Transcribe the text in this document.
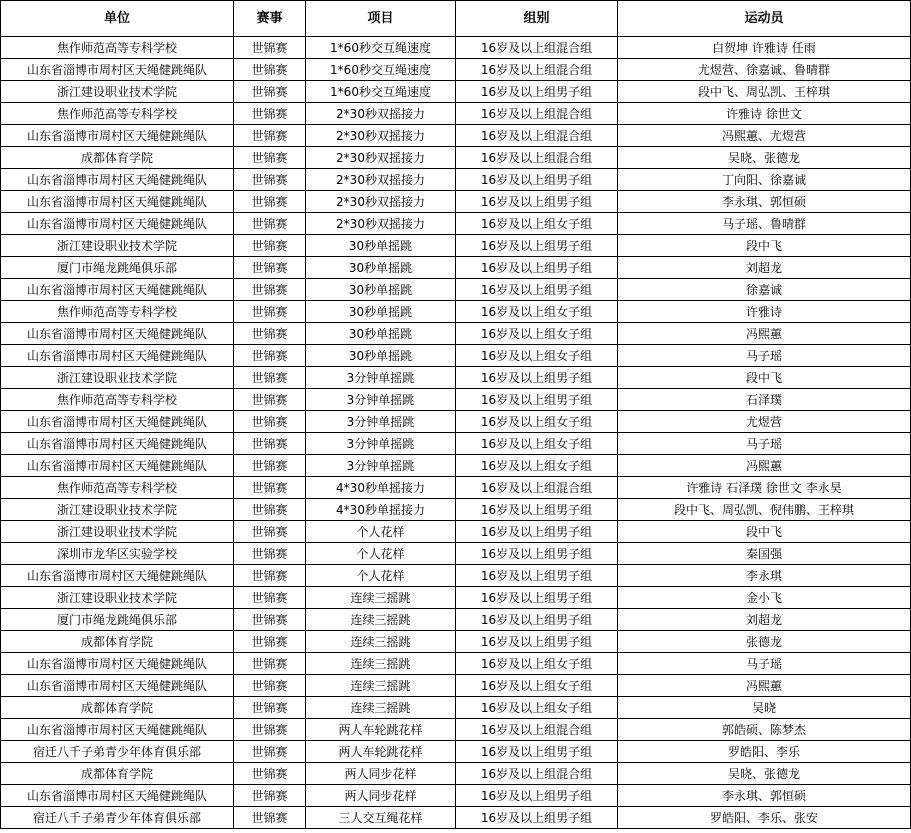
单位	赛事	项目	组别	运动员
焦作师范高等专科学校	世锦赛	1*60秒交互绳速度	16岁及以上组混合组	白贺坤 许雅诗 任雨
山东省淄博市周村区天绳健跳绳队	世锦赛	1*60秒交互绳速度	16岁及以上组混合组	尤煜营、徐嘉诚、鲁晴群
浙江建设职业技术学院	世锦赛	1*60秒交互绳速度	16岁及以上组男子组	段中飞、周弘凯、王梓琪
焦作师范高等专科学校	世锦赛	2*30秒双摇接力	16岁及以上组混合组	许雅诗 徐世文
山东省淄博市周村区天绳健跳绳队	世锦赛	2*30秒双摇接力	16岁及以上组混合组	冯熙蕙、尤煜营
成都体育学院	世锦赛	2*30秒双摇接力	16岁及以上组混合组	吴晓、张德龙
山东省淄博市周村区天绳健跳绳队	世锦赛	2*30秒双摇接力	16岁及以上组男子组	丁向阳、徐嘉诚
山东省淄博市周村区天绳健跳绳队	世锦赛	2*30秒双摇接力	16岁及以上组男子组	李永琪、郭恒硕
山东省淄博市周村区天绳健跳绳队	世锦赛	2*30秒双摇接力	16岁及以上组女子组	马子瑶、鲁晴群
浙江建设职业技术学院	世锦赛	30秒单摇跳	16岁及以上组男子组	段中飞
厦门市绳龙跳绳俱乐部	世锦赛	30秒单摇跳	16岁及以上组男子组	刘超龙
山东省淄博市周村区天绳健跳绳队	世锦赛	30秒单摇跳	16岁及以上组男子组	徐嘉诚
焦作师范高等专科学校	世锦赛	30秒单摇跳	16岁及以上组女子组	许雅诗
山东省淄博市周村区天绳健跳绳队	世锦赛	30秒单摇跳	16岁及以上组女子组	冯熙蕙
山东省淄博市周村区天绳健跳绳队	世锦赛	30秒单摇跳	16岁及以上组女子组	马子瑶
浙江建设职业技术学院	世锦赛	3分钟单摇跳	16岁及以上组男子组	段中飞
焦作师范高等专科学校	世锦赛	3分钟单摇跳	16岁及以上组男子组	石泽璞
山东省淄博市周村区天绳健跳绳队	世锦赛	3分钟单摇跳	16岁及以上组女子组	尤煜营
山东省淄博市周村区天绳健跳绳队	世锦赛	3分钟单摇跳	16岁及以上组女子组	马子瑶
山东省淄博市周村区天绳健跳绳队	世锦赛	3分钟单摇跳	16岁及以上组女子组	冯熙蕙
焦作师范高等专科学校	世锦赛	4*30秒单摇接力	16岁及以上组混合组	许雅诗 石泽璞 徐世文 李永昊
浙江建设职业技术学院	世锦赛	4*30秒单摇接力	16岁及以上组男子组	段中飞、周弘凯、倪伟鹏、王梓琪
浙江建设职业技术学院	世锦赛	个人花样	16岁及以上组男子组	段中飞
深圳市龙华区实验学校	世锦赛	个人花样	16岁及以上组男子组	秦国强
山东省淄博市周村区天绳健跳绳队	世锦赛	个人花样	16岁及以上组男子组	李永琪
浙江建设职业技术学院	世锦赛	连续三摇跳	16岁及以上组男子组	金小飞
厦门市绳龙跳绳俱乐部	世锦赛	连续三摇跳	16岁及以上组男子组	刘超龙
成都体育学院	世锦赛	连续三摇跳	16岁及以上组男子组	张德龙
山东省淄博市周村区天绳健跳绳队	世锦赛	连续三摇跳	16岁及以上组女子组	马子瑶
山东省淄博市周村区天绳健跳绳队	世锦赛	连续三摇跳	16岁及以上组女子组	冯熙蕙
成都体育学院	世锦赛	连续三摇跳	16岁及以上组女子组	吴晓
山东省淄博市周村区天绳健跳绳队	世锦赛	两人车轮跳花样	16岁及以上组混合组	郭皓硕、陈梦杰
宿迁八千子弟青少年体育俱乐部	世锦赛	两人车轮跳花样	16岁及以上组男子组	罗皓阳、李乐
成都体育学院	世锦赛	两人同步花样	16岁及以上组混合组	吴晓、张德龙
山东省淄博市周村区天绳健跳绳队	世锦赛	两人同步花样	16岁及以上组男子组	李永琪、郭恒硕
宿迁八千子弟青少年体育俱乐部	世锦赛	三人交互绳花样	16岁及以上组男子组	罗皓阳、李乐、张安
